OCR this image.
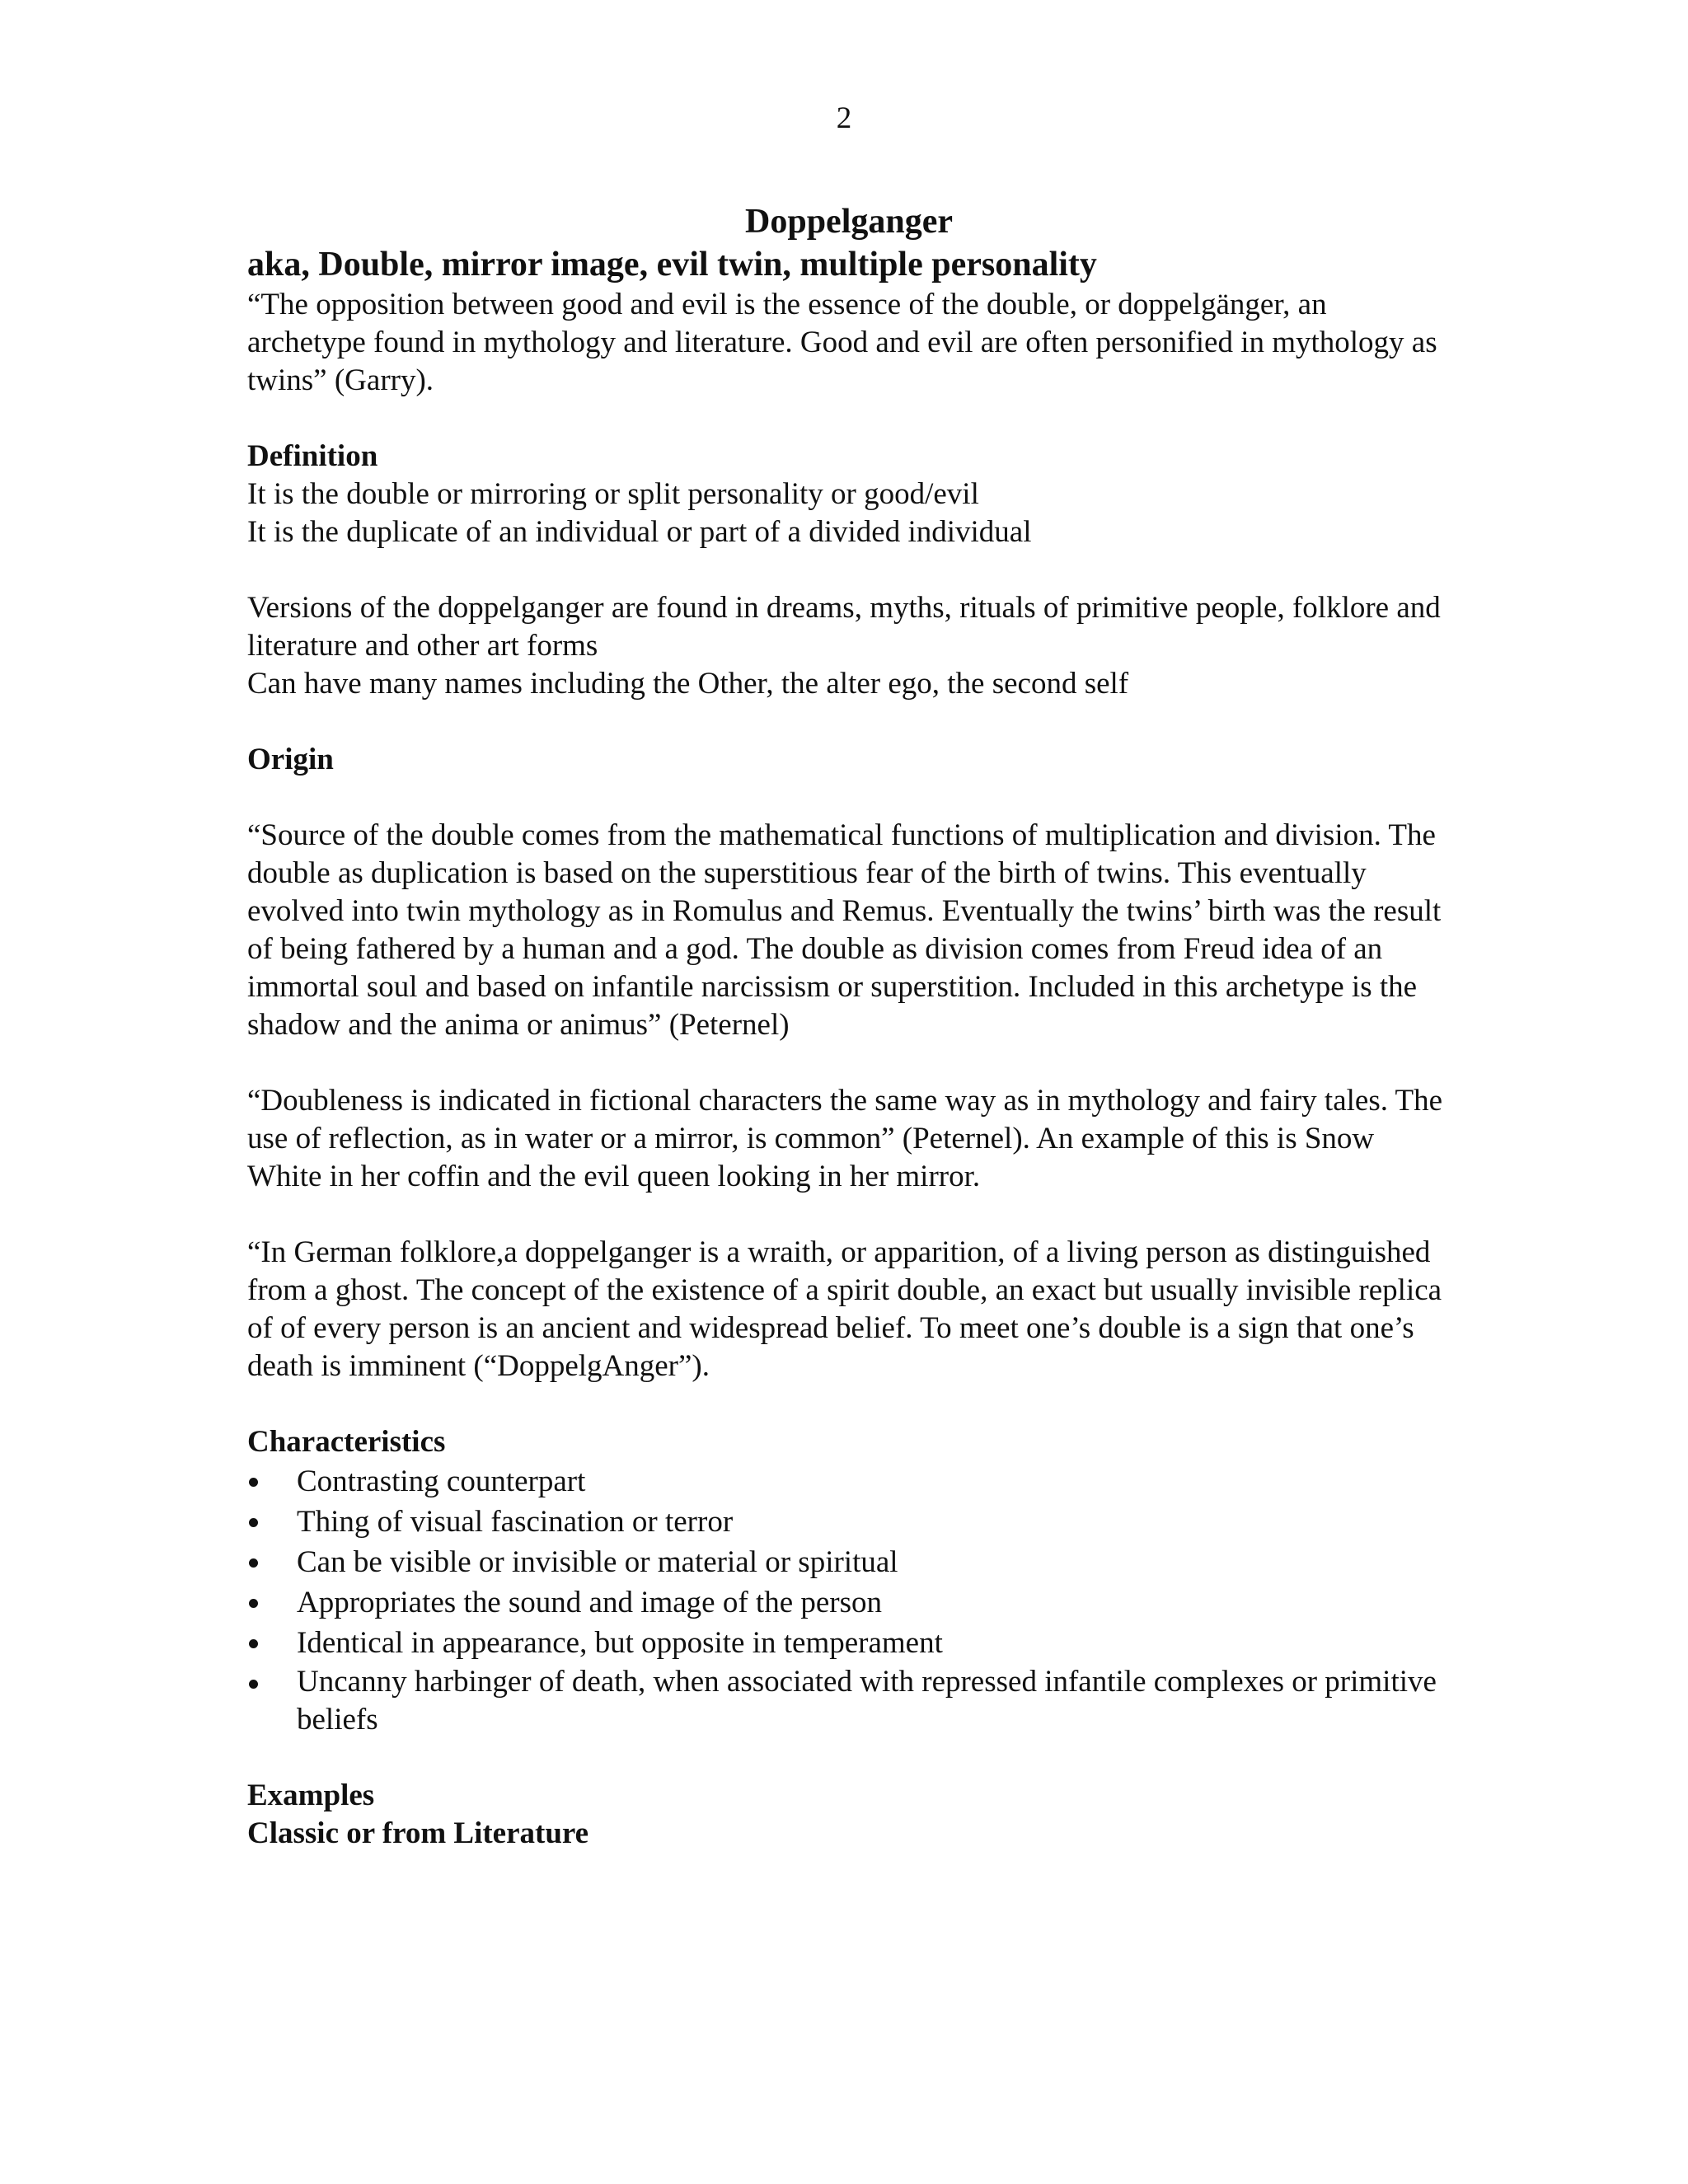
2

Doppelganger

aka, Double, mirror image, evil twin, multiple personality

“The opposition between good and evil is the essence of the double, or doppelgänger, an archetype found in mythology and literature. Good and evil are often personified in mythology as twins” (Garry).

Definition

It is the double or mirroring or split personality or good/evil

It is the duplicate of an individual or part of a divided individual

Versions of the doppelganger are found in dreams, myths, rituals of primitive people, folklore and literature and other art forms

Can have many names including the Other, the alter ego, the second self

Origin

“Source of the double comes from the mathematical functions of multiplication and division. The double as duplication is based on the superstitious fear of the birth of twins. This eventually evolved into twin mythology as in Romulus and Remus. Eventually the twins’ birth was the result of being fathered by a human and a god. The double as division comes from Freud idea of an immortal soul and based on infantile narcissism or superstition. Included in this archetype is the shadow and the anima or animus” (Peternel)

“Doubleness is indicated in fictional characters the same way as in mythology and fairy tales. The use of reflection, as in water or a mirror, is common” (Peternel). An example of this is Snow White in her coffin and the evil queen looking in her mirror.

“In German folklore,a doppelganger is a wraith, or apparition, of a living person as distinguished from a ghost. The concept of the existence of a spirit double, an exact but usually invisible replica of of every person is an ancient and widespread belief. To meet one’s double is a sign that one’s death is imminent (“DoppelgAnger”).

Characteristics

Contrasting counterpart
Thing of visual fascination or terror
Can be visible or invisible or material or spiritual
Appropriates the sound and image of the person
Identical in appearance, but opposite in temperament
Uncanny harbinger of death, when associated with repressed infantile complexes or primitive beliefs

Examples

Classic or from Literature
